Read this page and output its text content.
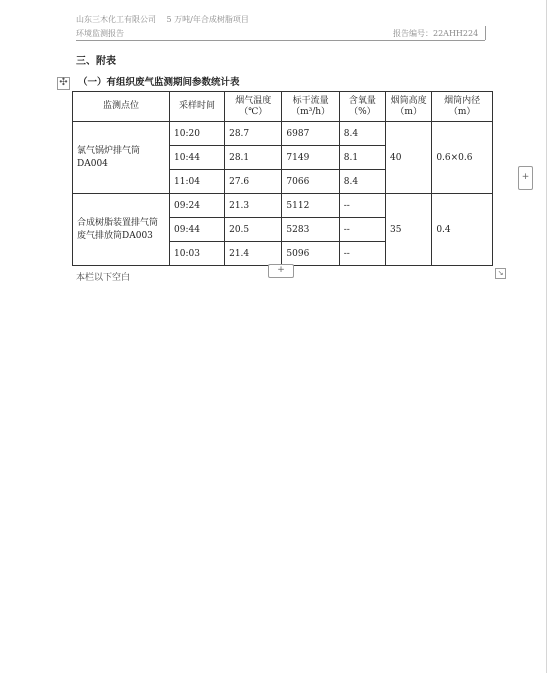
山东三木化工有限公司　 5 万吨/年合成树脂项目
环境监测报告	报告编号：22AHH224
三、附表
✣ （一）有组织废气监测期间参数统计表
监测点位	采样时间	烟气温度（℃）	标干流量（m³/h）	含氧量（%）	烟筒高度（m）	烟筒内径（m）
氯气锅炉排气筒DA004	10:20	28.7	6987	8.4	40	0.6×0.6
	10:44	28.1	7149	8.1		
	11:04	27.6	7066	8.4		
合成树脂装置排气筒废气排放筒DA003	09:24	21.3	5112	--	35	0.4
	09:44	20.5	5283	--		
	10:03	21.4	5096	--		
+
+	↘
本栏以下空白
